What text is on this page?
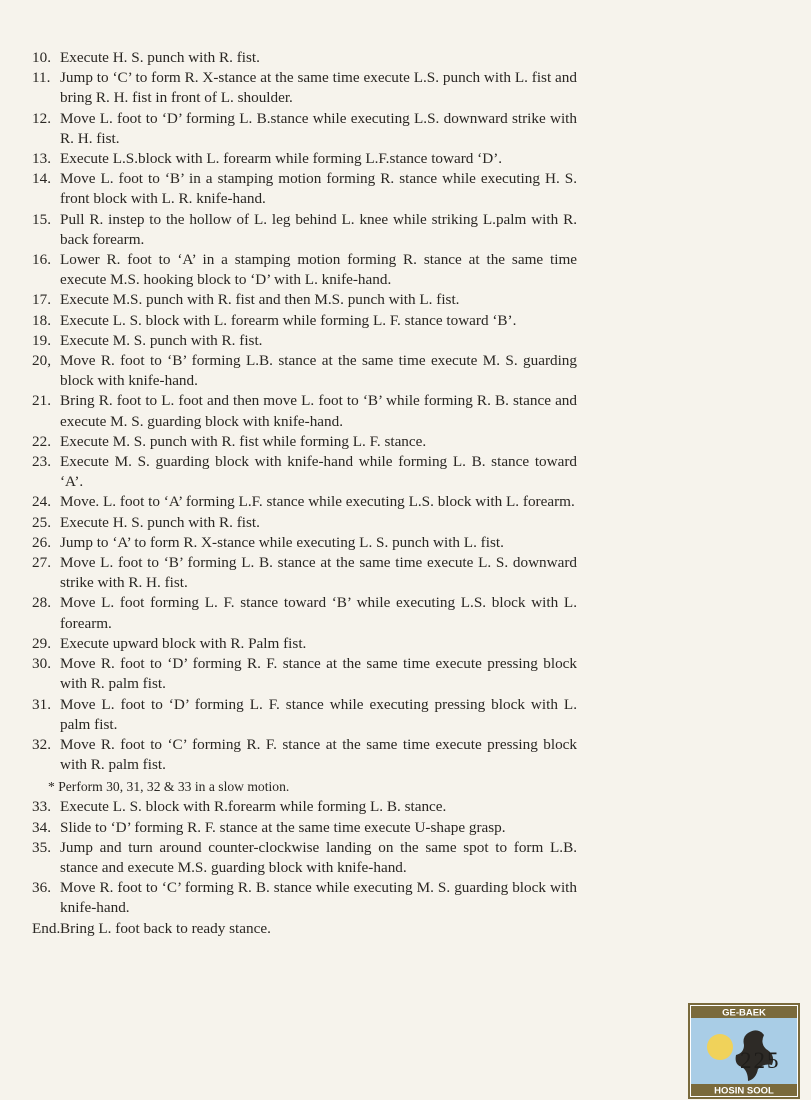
10. Execute H. S. punch with R. fist.
11. Jump to ‘C’ to form R. X-stance at the same time execute L.S. punch with L. fist and bring R. H. fist in front of L. shoulder.
12. Move L. foot to ‘D’ forming L. B.stance while executing L.S. downward strike with R. H. fist.
13. Execute L.S.block with L. forearm while forming L.F.stance toward ‘D’.
14. Move L. foot to ‘B’ in a stamping motion forming R. stance while executing H. S. front block with L. R. knife-hand.
15. Pull R. instep to the hollow of L. leg behind L. knee while striking L.palm with R. back forearm.
16. Lower R. foot to ‘A’ in a stamping motion forming R. stance at the same time execute M.S. hooking block to ‘D’ with L. knife-hand.
17. Execute M.S. punch with R. fist and then M.S. punch with L. fist.
18. Execute L. S. block with L. forearm while forming L. F. stance toward ‘B’.
19. Execute M. S. punch with R. fist.
20, Move R. foot to ‘B’ forming L.B. stance at the same time execute M. S. guarding block with knife-hand.
21. Bring R. foot to L. foot and then move L. foot to ‘B’ while forming R. B. stance and execute M. S. guarding block with knife-hand.
22. Execute M. S. punch with R. fist while forming L. F. stance.
23. Execute M. S. guarding block with knife-hand while forming L. B. stance toward ‘A’.
24. Move. L. foot to ‘A’ forming L.F. stance while executing L.S. block with L. forearm.
25. Execute H. S. punch with R. fist.
26. Jump to ‘A’ to form R. X-stance while executing L. S. punch with L. fist.
27. Move L. foot to ‘B’ forming L. B. stance at the same time execute L. S. downward strike with R. H. fist.
28. Move L. foot forming L. F. stance toward ‘B’ while executing L.S. block with L. forearm.
29. Execute upward block with R. Palm fist.
30. Move R. foot to ‘D’ forming R. F. stance at the same time execute pressing block with R. palm fist.
31. Move L. foot to ‘D’ forming L. F. stance while executing pressing block with L. palm fist.
32. Move R. foot to ‘C’ forming R. F. stance at the same time execute pressing block with R. palm fist.
* Perform 30, 31, 32 & 33 in a slow motion.
33. Execute L. S. block with R.forearm while forming L. B. stance.
34. Slide to ‘D’ forming R. F. stance at the same time execute U-shape grasp.
35. Jump and turn around counter-clockwise landing on the same spot to form L.B. stance and execute M.S. guarding block with knife-hand.
36. Move R. foot to ‘C’ forming R. B. stance while executing M. S. guarding block with knife-hand.
End. Bring L. foot back to ready stance.
GE-BAEK
HOSIN SOOL
225
